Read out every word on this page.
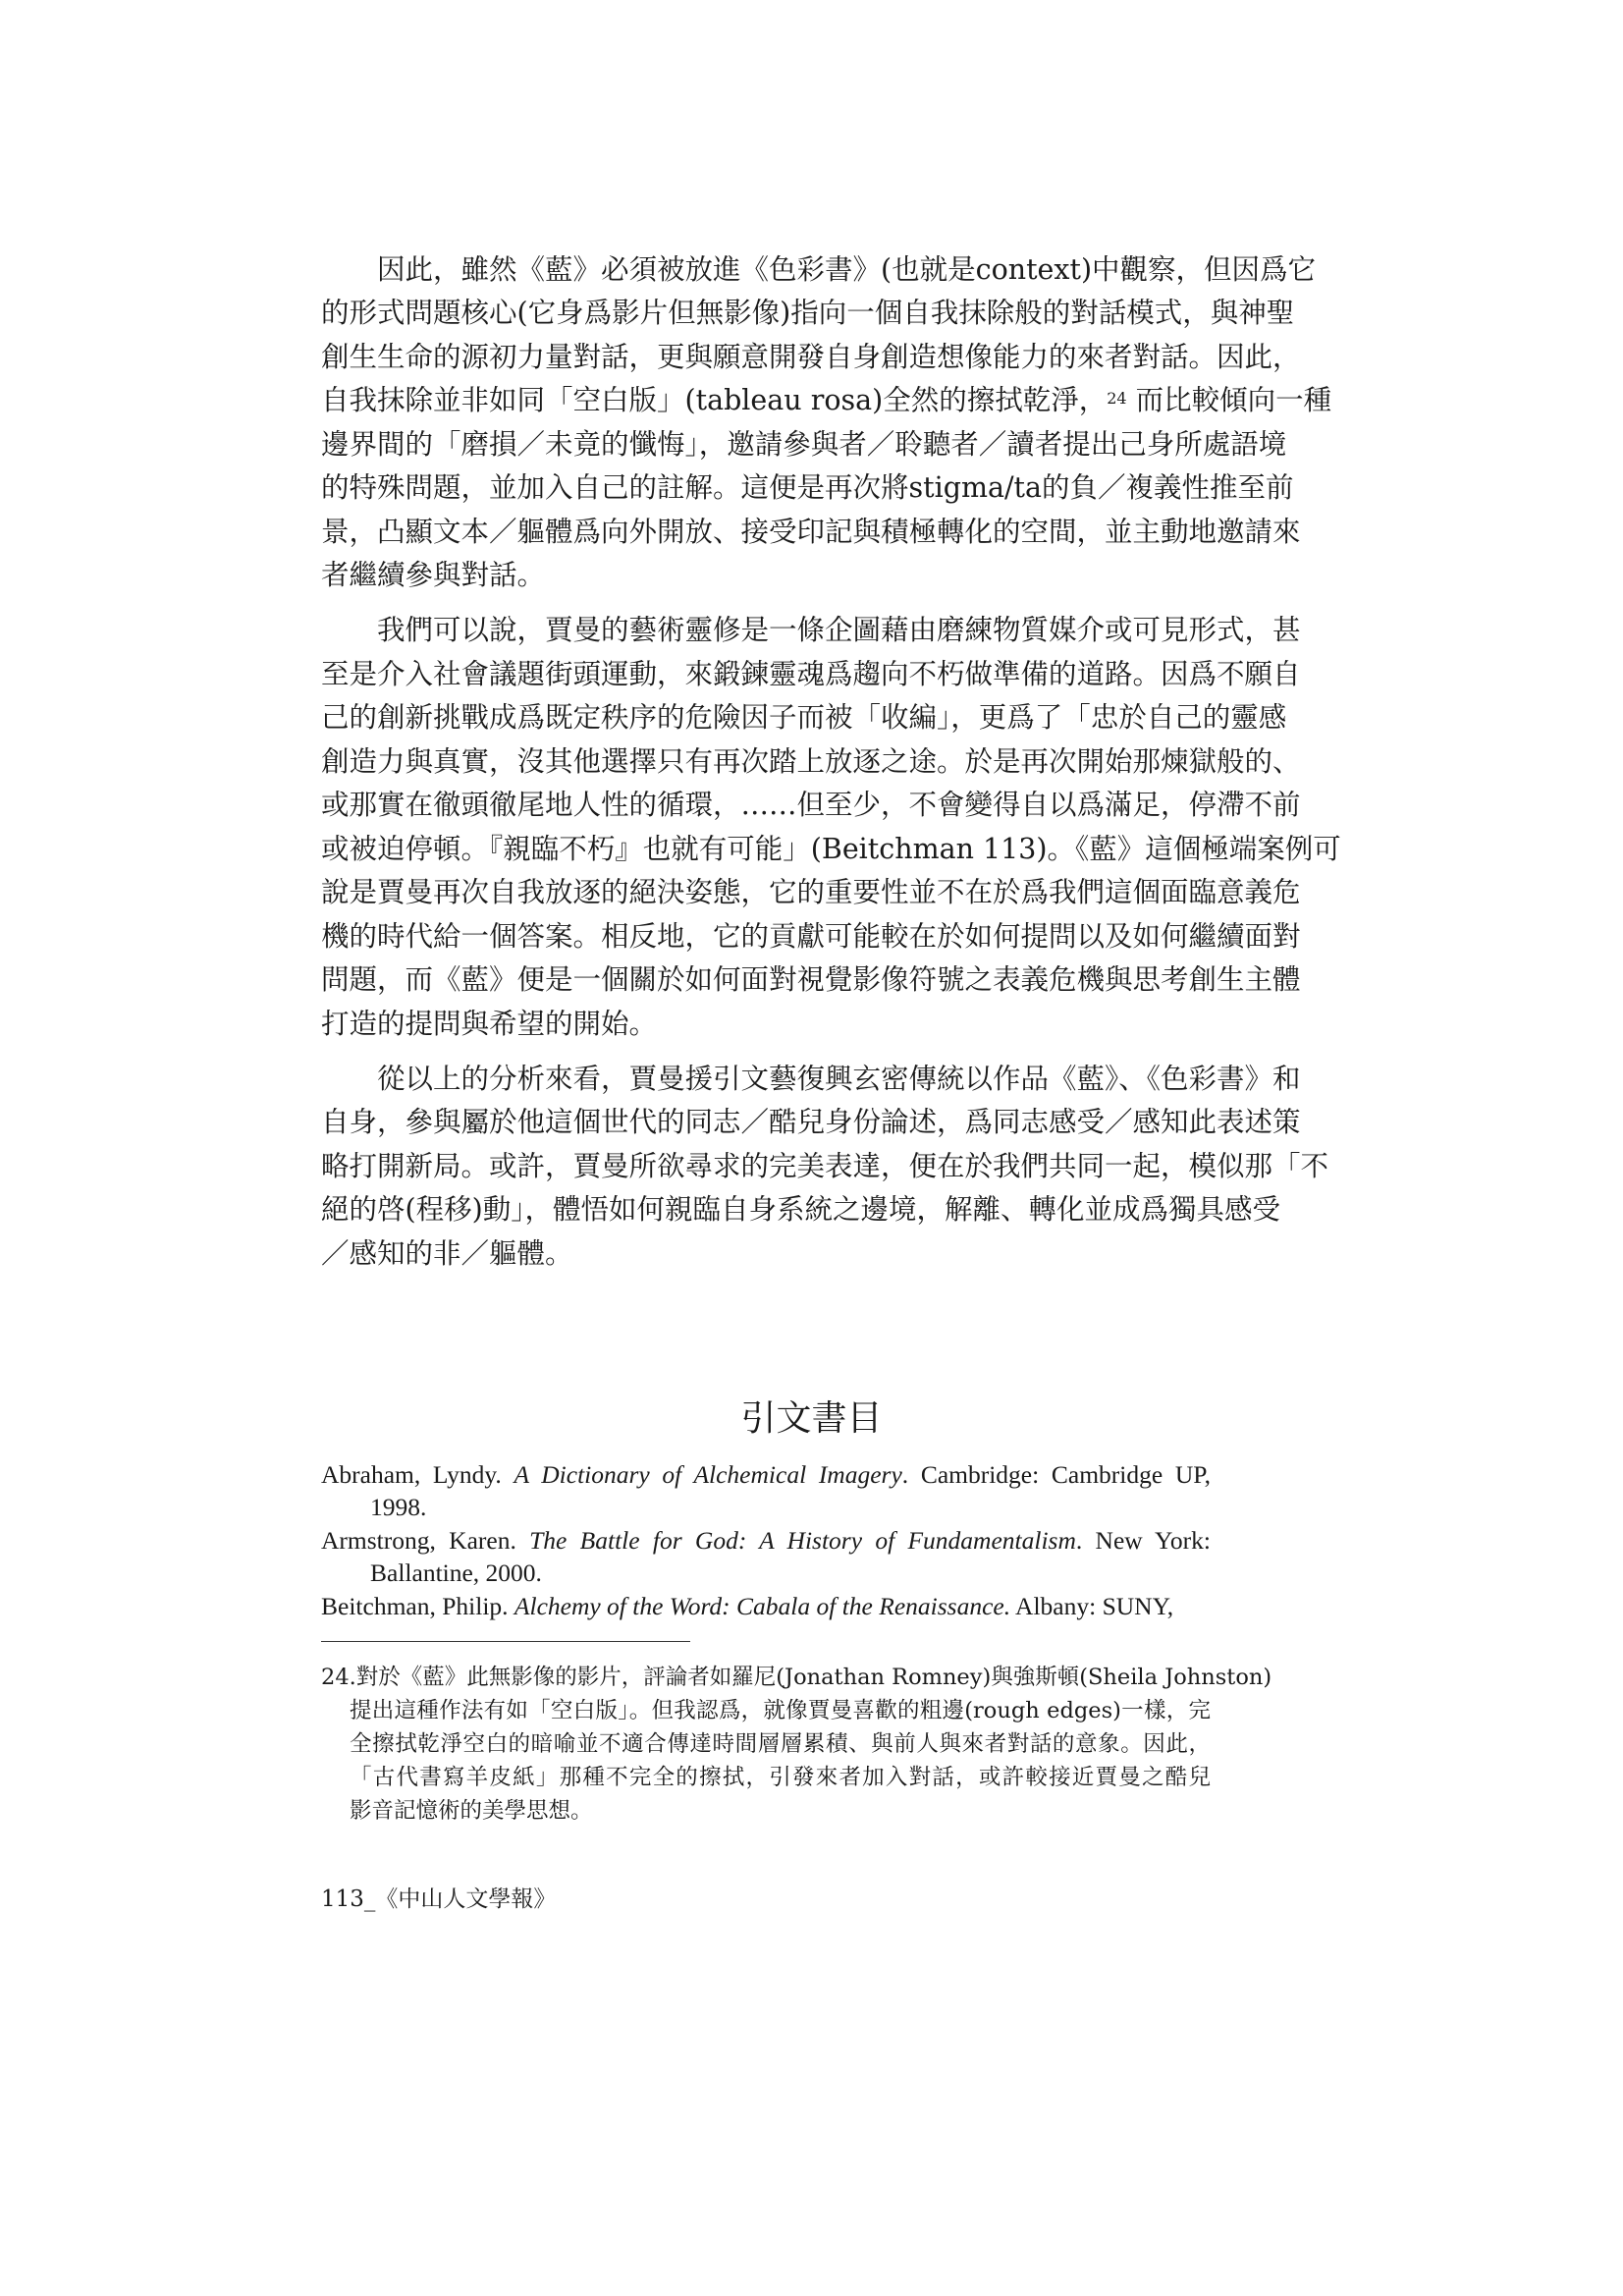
因此，雖然《藍》必須被放進《色彩書》(也就是context)中觀察，但因爲它
的形式問題核心(它身爲影片但無影像)指向一個自我抹除般的對話模式，與神聖
創生生命的源初力量對話，更與願意開發自身創造想像能力的來者對話。因此，
自我抹除並非如同「空白版」(tableau rosa)全然的擦拭乾淨，$^{24}$ 而比較傾向一種
邊界間的「磨損／未竟的懺悔」，邀請參與者／聆聽者／讀者提出己身所處語境
的特殊問題，並加入自己的註解。這便是再次將stigma/ta的負／複義性推至前
景，凸顯文本／軀體爲向外開放、接受印記與積極轉化的空間，並主動地邀請來
者繼續參與對話。
我們可以說，賈曼的藝術靈修是一條企圖藉由磨練物質媒介或可見形式，甚
至是介入社會議題街頭運動，來鍛鍊靈魂爲趨向不朽做準備的道路。因爲不願自
己的創新挑戰成爲既定秩序的危險因子而被「收編」，更爲了「忠於自己的靈感
創造力與真實，沒其他選擇只有再次踏上放逐之途。於是再次開始那煉獄般的、
或那實在徹頭徹尾地人性的循環，……但至少，不會變得自以爲滿足，停滯不前
或被迫停頓。『親臨不朽』也就有可能」(Beitchman 113)。《藍》這個極端案例可
說是賈曼再次自我放逐的絕決姿態，它的重要性並不在於爲我們這個面臨意義危
機的時代給一個答案。相反地，它的貢獻可能較在於如何提問以及如何繼續面對
問題，而《藍》便是一個關於如何面對視覺影像符號之表義危機與思考創生主體
打造的提問與希望的開始。
從以上的分析來看，賈曼援引文藝復興玄密傳統以作品《藍》、《色彩書》和
自身，參與屬於他這個世代的同志／酷兒身份論述，爲同志感受／感知此表述策
略打開新局。或許，賈曼所欲尋求的完美表達，便在於我們共同一起，模似那「不
絕的啓(程移)動」，體悟如何親臨自身系統之邊境，解離、轉化並成爲獨具感受
／感知的非／軀體。
引文書目
Abraham, Lyndy. A Dictionary of Alchemical Imagery. Cambridge: Cambridge UP, 1998.
Armstrong, Karen. The Battle for God: A History of Fundamentalism. New York: Ballantine, 2000.
Beitchman, Philip. Alchemy of the Word: Cabala of the Renaissance. Albany: SUNY,
24.對於《藍》此無影像的影片，評論者如羅尼(Jonathan Romney)與強斯頓(Sheila Johnston)
提出這種作法有如「空白版」。但我認爲，就像賈曼喜歡的粗邊(rough edges)一樣，完
全擦拭乾淨空白的暗喻並不適合傳達時間層層累積、與前人與來者對話的意象。因此，
「古代書寫羊皮紙」那種不完全的擦拭，引發來者加入對話，或許較接近賈曼之酷兒
影音記憶術的美學思想。
113_《中山人文學報》
